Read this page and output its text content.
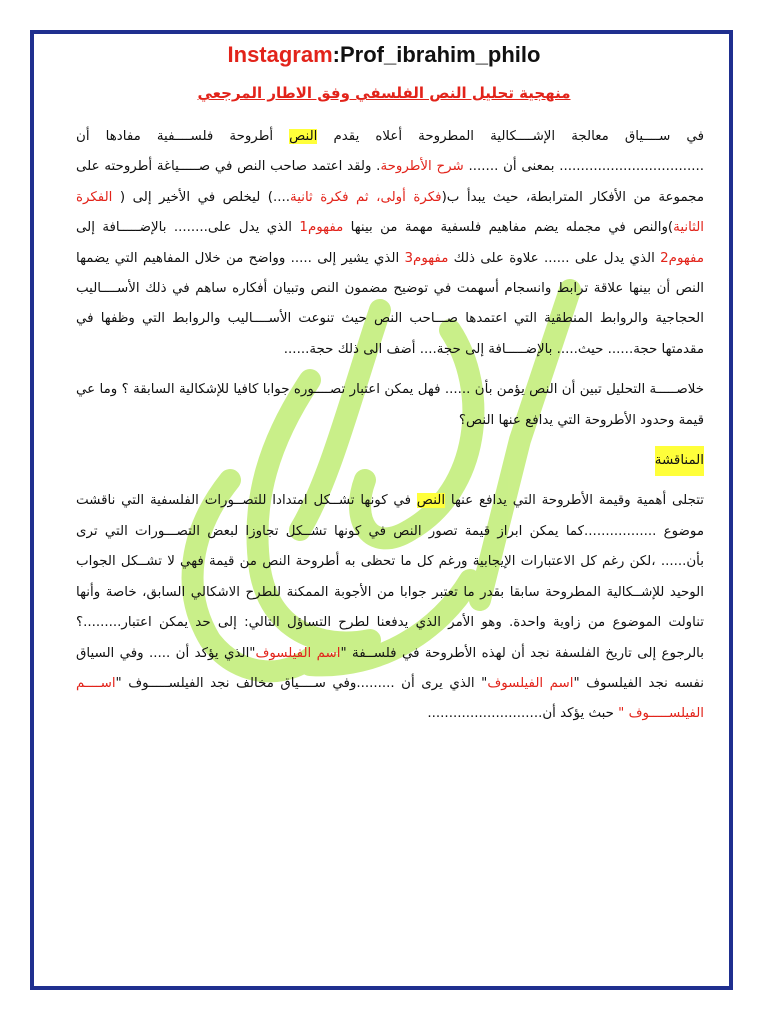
Instagram:Prof_ibrahim_philo
منهجية تحليل النص الفلسفي وفق الاطار المرجعي

في ســــياق معالجة الإشــــكالية المطروحة أعلاه يقدم النص أطروحة فلســــفية مفادها أن .................................. بمعنى أن ....... شرح الأطروحة. ولقد اعتمد صاحب النص في صـــــياغة أطروحته على مجموعة من الأفكار المترابطة، حيث يبدأ ب(فكرة أولى، ثم فكرة ثانية....) ليخلص في الأخير إلى ( الفكرة الثانية)والنص في مجمله يضم مفاهيم فلسفية مهمة من بينها مفهوم1 الذي يدل على........ بالإضـــــافة إلى مفهوم2 الذي يدل على ...... علاوة على ذلك مفهوم3 الذي يشير إلى ..... وواضح من خلال المفاهيم التي يضمها النص أن بينها علاقة ترابط وانسجام أسهمت في توضيح مضمون النص وتبيان أفكاره ساهم في ذلك الأســــاليب الحجاجية والروابط المنطقية التي اعتمدها صـــاحب النص حيث تنوعت الأســــاليب والروابط التي وظفها في مقدمتها حجة...... حيث..... بالإضـــــافة إلى حجة.... أضف الى ذلك حجة......

خلاصـــــة التحليل تبين أن النص يؤمن بأن ...... فهل يمكن اعتبار تصــــوره جوابا كافيا للإشكالية السابقة ؟ وما عي قيمة وحدود الأطروحة التي يدافع عنها النص؟

المناقشة

تتجلى أهمية وقيمة الأطروحة التي يدافع عنها النص في كونها تشــكل امتدادا للتصــورات الفلسفية التي ناقشت موضوع .................كما يمكن ابراز قيمة تصور النص في كونها تشــكل تجاوزا لبعض التصـــورات التي ترى بأن...... ،لكن رغم كل الاعتبارات الإيجابية ورغم كل ما تحظى به أطروحة النص من قيمة فهي لا تشــكل الجواب الوحيد للإشــكالية المطروحة سابقا بقدر ما تعتبر جوابا من الأجوبة الممكنة للطرح الاشكالي السابق، خاصة وأنها تناولت الموضوع من زاوية واحدة. وهو الأمر الذي يدفعنا لطرح التساؤل التالي: إلى حد يمكن اعتبار.........؟ بالرجوع إلى تاريخ الفلسفة نجد أن لهذه الأطروحة في فلســفة "اسم الفيلسوف"الذي يؤكد أن ..... وفي السياق نفسه نجد الفيلسوف "اسم الفيلسوف" الذي يرى أن .........وفي ســــياق مخالف نجد الفيلســـــوف "اســــم الفيلســـــوف " حبث يؤكد أن...........................
